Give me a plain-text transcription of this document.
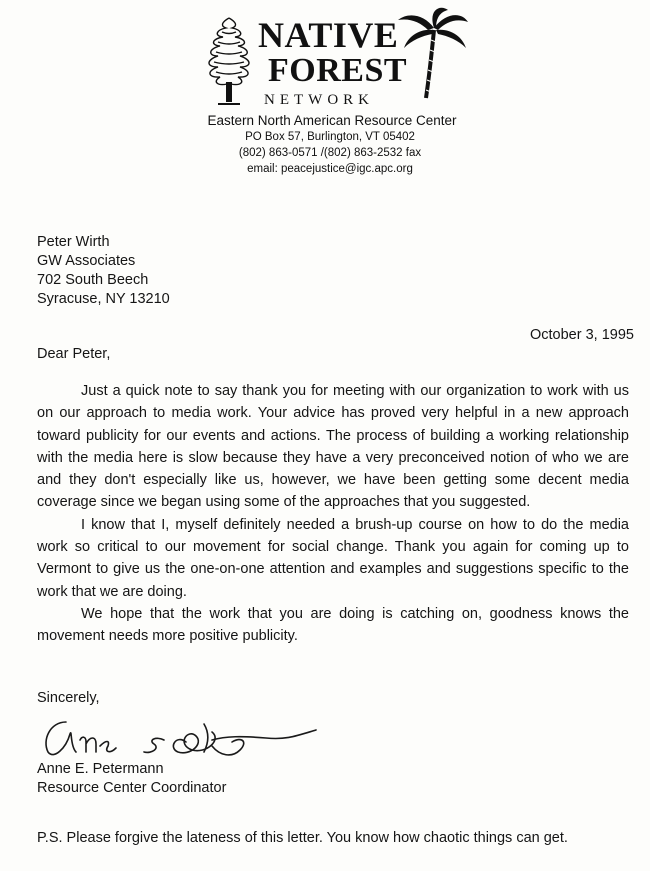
NATIVE
FOREST
NETWORK
Eastern North American Resource Center
PO Box 57, Burlington, VT 05402
(802) 863-0571 /(802) 863-2532 fax
email: peacejustice@igc.apc.org
Peter Wirth
GW Associates
702 South Beech
Syracuse, NY 13210
October 3, 1995
Dear Peter,

Just a quick note to say thank you for meeting with our organization to work with us on our approach to media work. Your advice has proved very helpful in a new approach toward publicity for our events and actions. The process of building a working relationship with the media here is slow because they have a very preconceived notion of who we are and they don't especially like us, however, we have been getting some decent media coverage since we began using some of the approaches that you suggested.

I know that I, myself definitely needed a brush-up course on how to do the media work so critical to our movement for social change. Thank you again for coming up to Vermont to give us the one-on-one attention and examples and suggestions specific to the work that we are doing.

We hope that the work that you are doing is catching on, goodness knows the movement needs more positive publicity.

Sincerely,
Anne E. Petermann
Resource Center Coordinator
P.S. Please forgive the lateness of this letter. You know how chaotic things can get.
